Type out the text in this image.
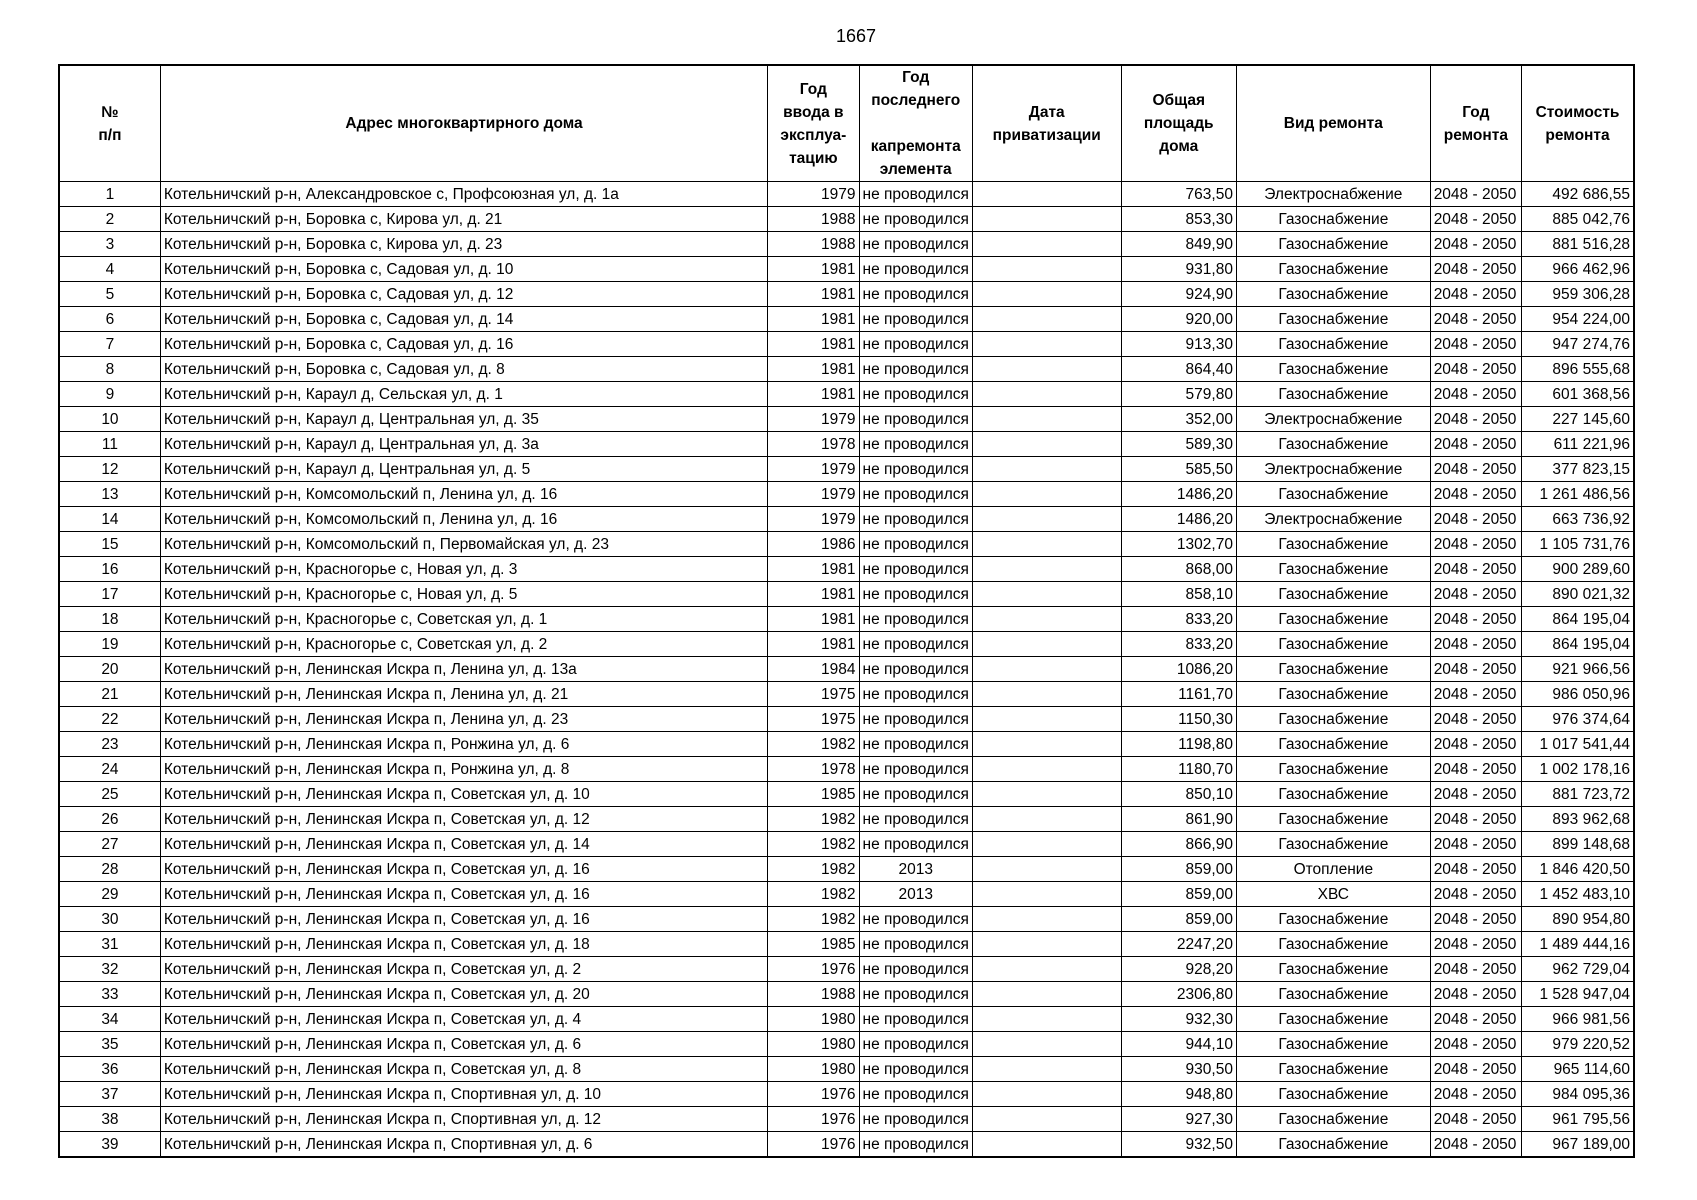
1667
№
п/п	Адрес многоквартирного дома	Год
ввода в
эксплуа-
тацию	Год
последнего

капремонта
элемента	Дата
приватизации	Общая
площадь
дома	Вид ремонта	Год
ремонта	Стоимость
ремонта

1	Котельничский р-н, Александровское с, Профсоюзная ул, д. 1а	1979	не проводился		763,50	Электроснабжение	2048 - 2050	492 686,55
2	Котельничский р-н, Боровка с, Кирова ул, д. 21	1988	не проводился		853,30	Газоснабжение	2048 - 2050	885 042,76
3	Котельничский р-н, Боровка с, Кирова ул, д. 23	1988	не проводился		849,90	Газоснабжение	2048 - 2050	881 516,28
4	Котельничский р-н, Боровка с, Садовая ул, д. 10	1981	не проводился		931,80	Газоснабжение	2048 - 2050	966 462,96
5	Котельничский р-н, Боровка с, Садовая ул, д. 12	1981	не проводился		924,90	Газоснабжение	2048 - 2050	959 306,28
6	Котельничский р-н, Боровка с, Садовая ул, д. 14	1981	не проводился		920,00	Газоснабжение	2048 - 2050	954 224,00
7	Котельничский р-н, Боровка с, Садовая ул, д. 16	1981	не проводился		913,30	Газоснабжение	2048 - 2050	947 274,76
8	Котельничский р-н, Боровка с, Садовая ул, д. 8	1981	не проводился		864,40	Газоснабжение	2048 - 2050	896 555,68
9	Котельничский р-н, Караул д, Сельская ул, д. 1	1981	не проводился		579,80	Газоснабжение	2048 - 2050	601 368,56
10	Котельничский р-н, Караул д, Центральная ул, д. 35	1979	не проводился		352,00	Электроснабжение	2048 - 2050	227 145,60
11	Котельничский р-н, Караул д, Центральная ул, д. 3а	1978	не проводился		589,30	Газоснабжение	2048 - 2050	611 221,96
12	Котельничский р-н, Караул д, Центральная ул, д. 5	1979	не проводился		585,50	Электроснабжение	2048 - 2050	377 823,15
13	Котельничский р-н, Комсомольский п, Ленина ул, д. 16	1979	не проводился		1486,20	Газоснабжение	2048 - 2050	1 261 486,56
14	Котельничский р-н, Комсомольский п, Ленина ул, д. 16	1979	не проводился		1486,20	Электроснабжение	2048 - 2050	663 736,92
15	Котельничский р-н, Комсомольский п, Первомайская ул, д. 23	1986	не проводился		1302,70	Газоснабжение	2048 - 2050	1 105 731,76
16	Котельничский р-н, Красногорье с, Новая ул, д. 3	1981	не проводился		868,00	Газоснабжение	2048 - 2050	900 289,60
17	Котельничский р-н, Красногорье с, Новая ул, д. 5	1981	не проводился		858,10	Газоснабжение	2048 - 2050	890 021,32
18	Котельничский р-н, Красногорье с, Советская ул, д. 1	1981	не проводился		833,20	Газоснабжение	2048 - 2050	864 195,04
19	Котельничский р-н, Красногорье с, Советская ул, д. 2	1981	не проводился		833,20	Газоснабжение	2048 - 2050	864 195,04
20	Котельничский р-н, Ленинская Искра п, Ленина ул, д. 13а	1984	не проводился		1086,20	Газоснабжение	2048 - 2050	921 966,56
21	Котельничский р-н, Ленинская Искра п, Ленина ул, д. 21	1975	не проводился		1161,70	Газоснабжение	2048 - 2050	986 050,96
22	Котельничский р-н, Ленинская Искра п, Ленина ул, д. 23	1975	не проводился		1150,30	Газоснабжение	2048 - 2050	976 374,64
23	Котельничский р-н, Ленинская Искра п, Ронжина ул, д. 6	1982	не проводился		1198,80	Газоснабжение	2048 - 2050	1 017 541,44
24	Котельничский р-н, Ленинская Искра п, Ронжина ул, д. 8	1978	не проводился		1180,70	Газоснабжение	2048 - 2050	1 002 178,16
25	Котельничский р-н, Ленинская Искра п, Советская ул, д. 10	1985	не проводился		850,10	Газоснабжение	2048 - 2050	881 723,72
26	Котельничский р-н, Ленинская Искра п, Советская ул, д. 12	1982	не проводился		861,90	Газоснабжение	2048 - 2050	893 962,68
27	Котельничский р-н, Ленинская Искра п, Советская ул, д. 14	1982	не проводился		866,90	Газоснабжение	2048 - 2050	899 148,68
28	Котельничский р-н, Ленинская Искра п, Советская ул, д. 16	1982	2013		859,00	Отопление	2048 - 2050	1 846 420,50
29	Котельничский р-н, Ленинская Искра п, Советская ул, д. 16	1982	2013		859,00	ХВС	2048 - 2050	1 452 483,10
30	Котельничский р-н, Ленинская Искра п, Советская ул, д. 16	1982	не проводился		859,00	Газоснабжение	2048 - 2050	890 954,80
31	Котельничский р-н, Ленинская Искра п, Советская ул, д. 18	1985	не проводился		2247,20	Газоснабжение	2048 - 2050	1 489 444,16
32	Котельничский р-н, Ленинская Искра п, Советская ул, д. 2	1976	не проводился		928,20	Газоснабжение	2048 - 2050	962 729,04
33	Котельничский р-н, Ленинская Искра п, Советская ул, д. 20	1988	не проводился		2306,80	Газоснабжение	2048 - 2050	1 528 947,04
34	Котельничский р-н, Ленинская Искра п, Советская ул, д. 4	1980	не проводился		932,30	Газоснабжение	2048 - 2050	966 981,56
35	Котельничский р-н, Ленинская Искра п, Советская ул, д. 6	1980	не проводился		944,10	Газоснабжение	2048 - 2050	979 220,52
36	Котельничский р-н, Ленинская Искра п, Советская ул, д. 8	1980	не проводился		930,50	Газоснабжение	2048 - 2050	965 114,60
37	Котельничский р-н, Ленинская Искра п, Спортивная ул, д. 10	1976	не проводился		948,80	Газоснабжение	2048 - 2050	984 095,36
38	Котельничский р-н, Ленинская Искра п, Спортивная ул, д. 12	1976	не проводился		927,30	Газоснабжение	2048 - 2050	961 795,56
39	Котельничский р-н, Ленинская Искра п, Спортивная ул, д. 6	1976	не проводился		932,50	Газоснабжение	2048 - 2050	967 189,00
